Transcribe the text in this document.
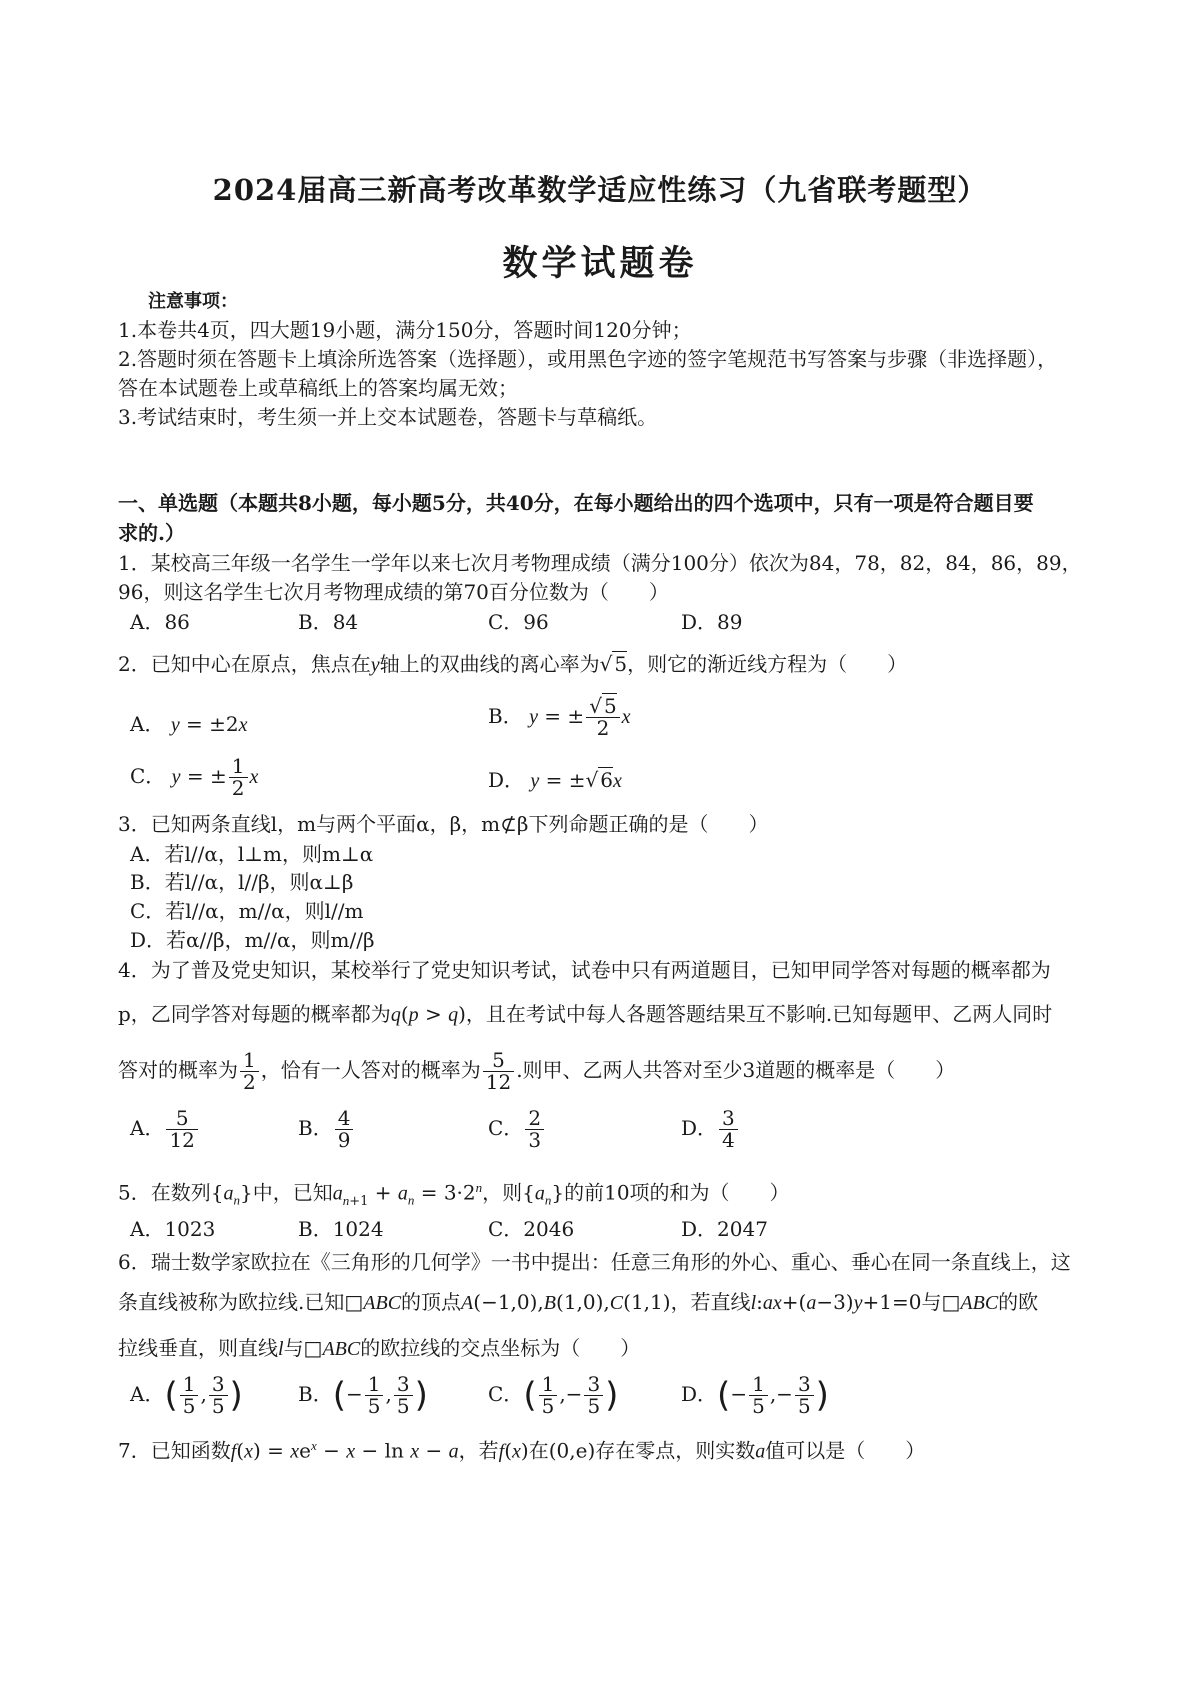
2024届高三新高考改革数学适应性练习（九省联考题型）
数学试题卷
注意事项：
1.本卷共4页，四大题19小题，满分150分，答题时间120分钟；
2.答题时须在答题卡上填涂所选答案（选择题），或用黑色字迹的签字笔规范书写答案与步骤（非选择题），
答在本试题卷上或草稿纸上的答案均属无效；
3.考试结束时，考生须一并上交本试题卷，答题卡与草稿纸。
一、单选题（本题共8小题，每小题5分，共40分，在每小题给出的四个选项中，只有一项是符合题目要
求的.）
1．某校高三年级一名学生一学年以来七次月考物理成绩（满分100分）依次为84，78，82，84，86，89，
96，则这名学生七次月考物理成绩的第70百分位数为（　　）
A．86	B．84	C．96	D．89
2．已知中心在原点，焦点在y轴上的双曲线的离心率为√ 5，则它的渐近线方程为（　　）
A． y = ±2x	B． y = ± $\frac{√ 5}{2}$ x
C． y = ± $\frac{1}{2}$ x	D． y = ±√ 6x
3．已知两条直线l，m与两个平面α，β，m⊄β下列命题正确的是（　　）
A．若l//α，l⊥m，则m⊥α
B．若l//α，l//β，则α⊥β
C．若l//α，m//α，则l//m
D．若α//β，m//α，则m//β
4．为了普及党史知识，某校举行了党史知识考试，试卷中只有两道题目，已知甲同学答对每题的概率都为
p，乙同学答对每题的概率都为q(p > q)，且在考试中每人各题答题结果互不影响.已知每题甲、乙两人同时
答对的概率为 $\frac{1}{2}$ ，恰有一人答对的概率为 $\frac{5}{12}$ .则甲、乙两人共答对至少3道题的概率是（　　）
A． $\frac{5}{12}$	B． $\frac{4}{9}$	C． $\frac{2}{3}$	D． $\frac{3}{4}$
5．在数列$\{a_n\}$中，已知$a_{n+1} + a_n = 3\cdot 2^n$，则$\{a_n\}$的前10项的和为（　　）
A．1023	B．1024	C．2046	D．2047
6．瑞士数学家欧拉在《三角形的几何学》一书中提出：任意三角形的外心、重心、垂心在同一条直线上，这
条直线被称为欧拉线.已知□ABC的顶点A(−1,0),B(1,0),C(1,1)，若直线l:ax+(a−3)y+1=0与□ABC的欧
拉线垂直，则直线l与□ABC的欧拉线的交点坐标为（　　）
A．( $\frac{1}{5}$ , $\frac{3}{5}$ )	B．(− $\frac{1}{5}$ , $\frac{3}{5}$ )	C．( $\frac{1}{5}$ ,− $\frac{3}{5}$ )	D．(− $\frac{1}{5}$ ,− $\frac{3}{5}$ )
7．已知函数$f(x) = xe^x - x - \ln x - a$，若f(x)在(0,e)存在零点，则实数a值可以是（　　）
